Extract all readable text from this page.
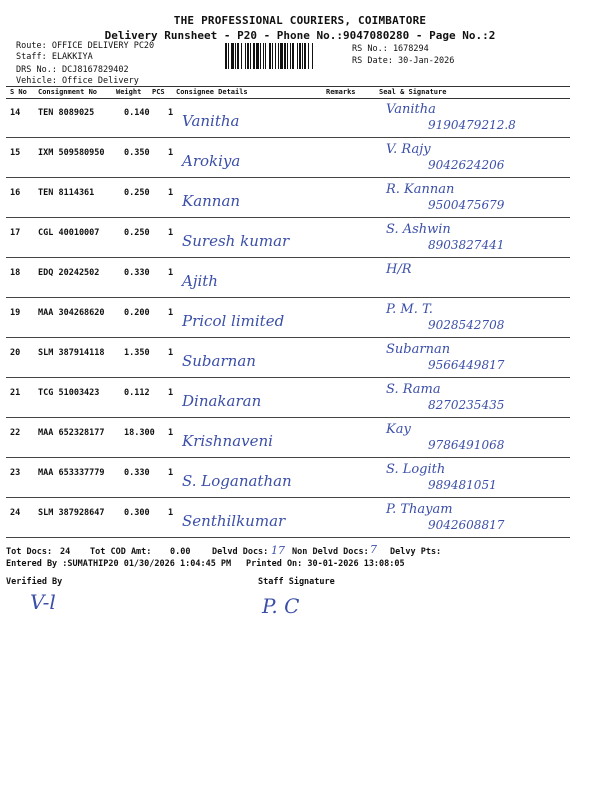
THE PROFESSIONAL COURIERS, COIMBATORE
Delivery Runsheet - P20 - Phone No.:9047080280 - Page No.:2
Route: OFFICE DELIVERY PC20
Staff: ELAKKIYA
DRS No.: DCJ8167829402
Vehicle: Office Delivery
RS No.: 1678294
RS Date: 30-Jan-2026
S No Consignment No	Weight PCS Consignee Details	Remarks	Seal & Signature
14 TEN 8089025	0.140 1 Vanitha
Vanitha
9190479212.8
15 IXM 509580950 0.350 1 Arokiya
V. Rajy
9042624206
16 TEN 8114361	0.250 1 Kannan
R. Kannan
9500475679
17 CGL 40010007	0.250 1 Suresh kumar
S. Ashwin
8903827441
18 EDQ 20242502	0.330 1 Ajith
H/R
19 MAA 304268620 0.200 1 Pricol limited
P. M. T.
9028542708
20 SLM 387914118 1.350 1 Subarnan
Subarnan
9566449817
21 TCG 51003423	0.112 1 Dinakaran
S. Rama
8270235435
22 MAA 652328177 18.300 1 Krishnaveni
Kay
9786491068
23 MAA 653337779 0.330 1 S. Loganathan
S. Logith
989481051
24 SLM 387928647 0.300 1 Senthilkumar
P. Thayam
9042608817
Tot Docs: 24 Tot COD Amt: 0.00	Delvd Docs: 17 Non Delvd Docs: 7 Delvy Pts:
Entered By :SUMATHIP20 01/30/2026 1:04:45 PM Printed On: 30-01-2026 13:08:05
Verified By	Staff Signature
V-l	P. C
